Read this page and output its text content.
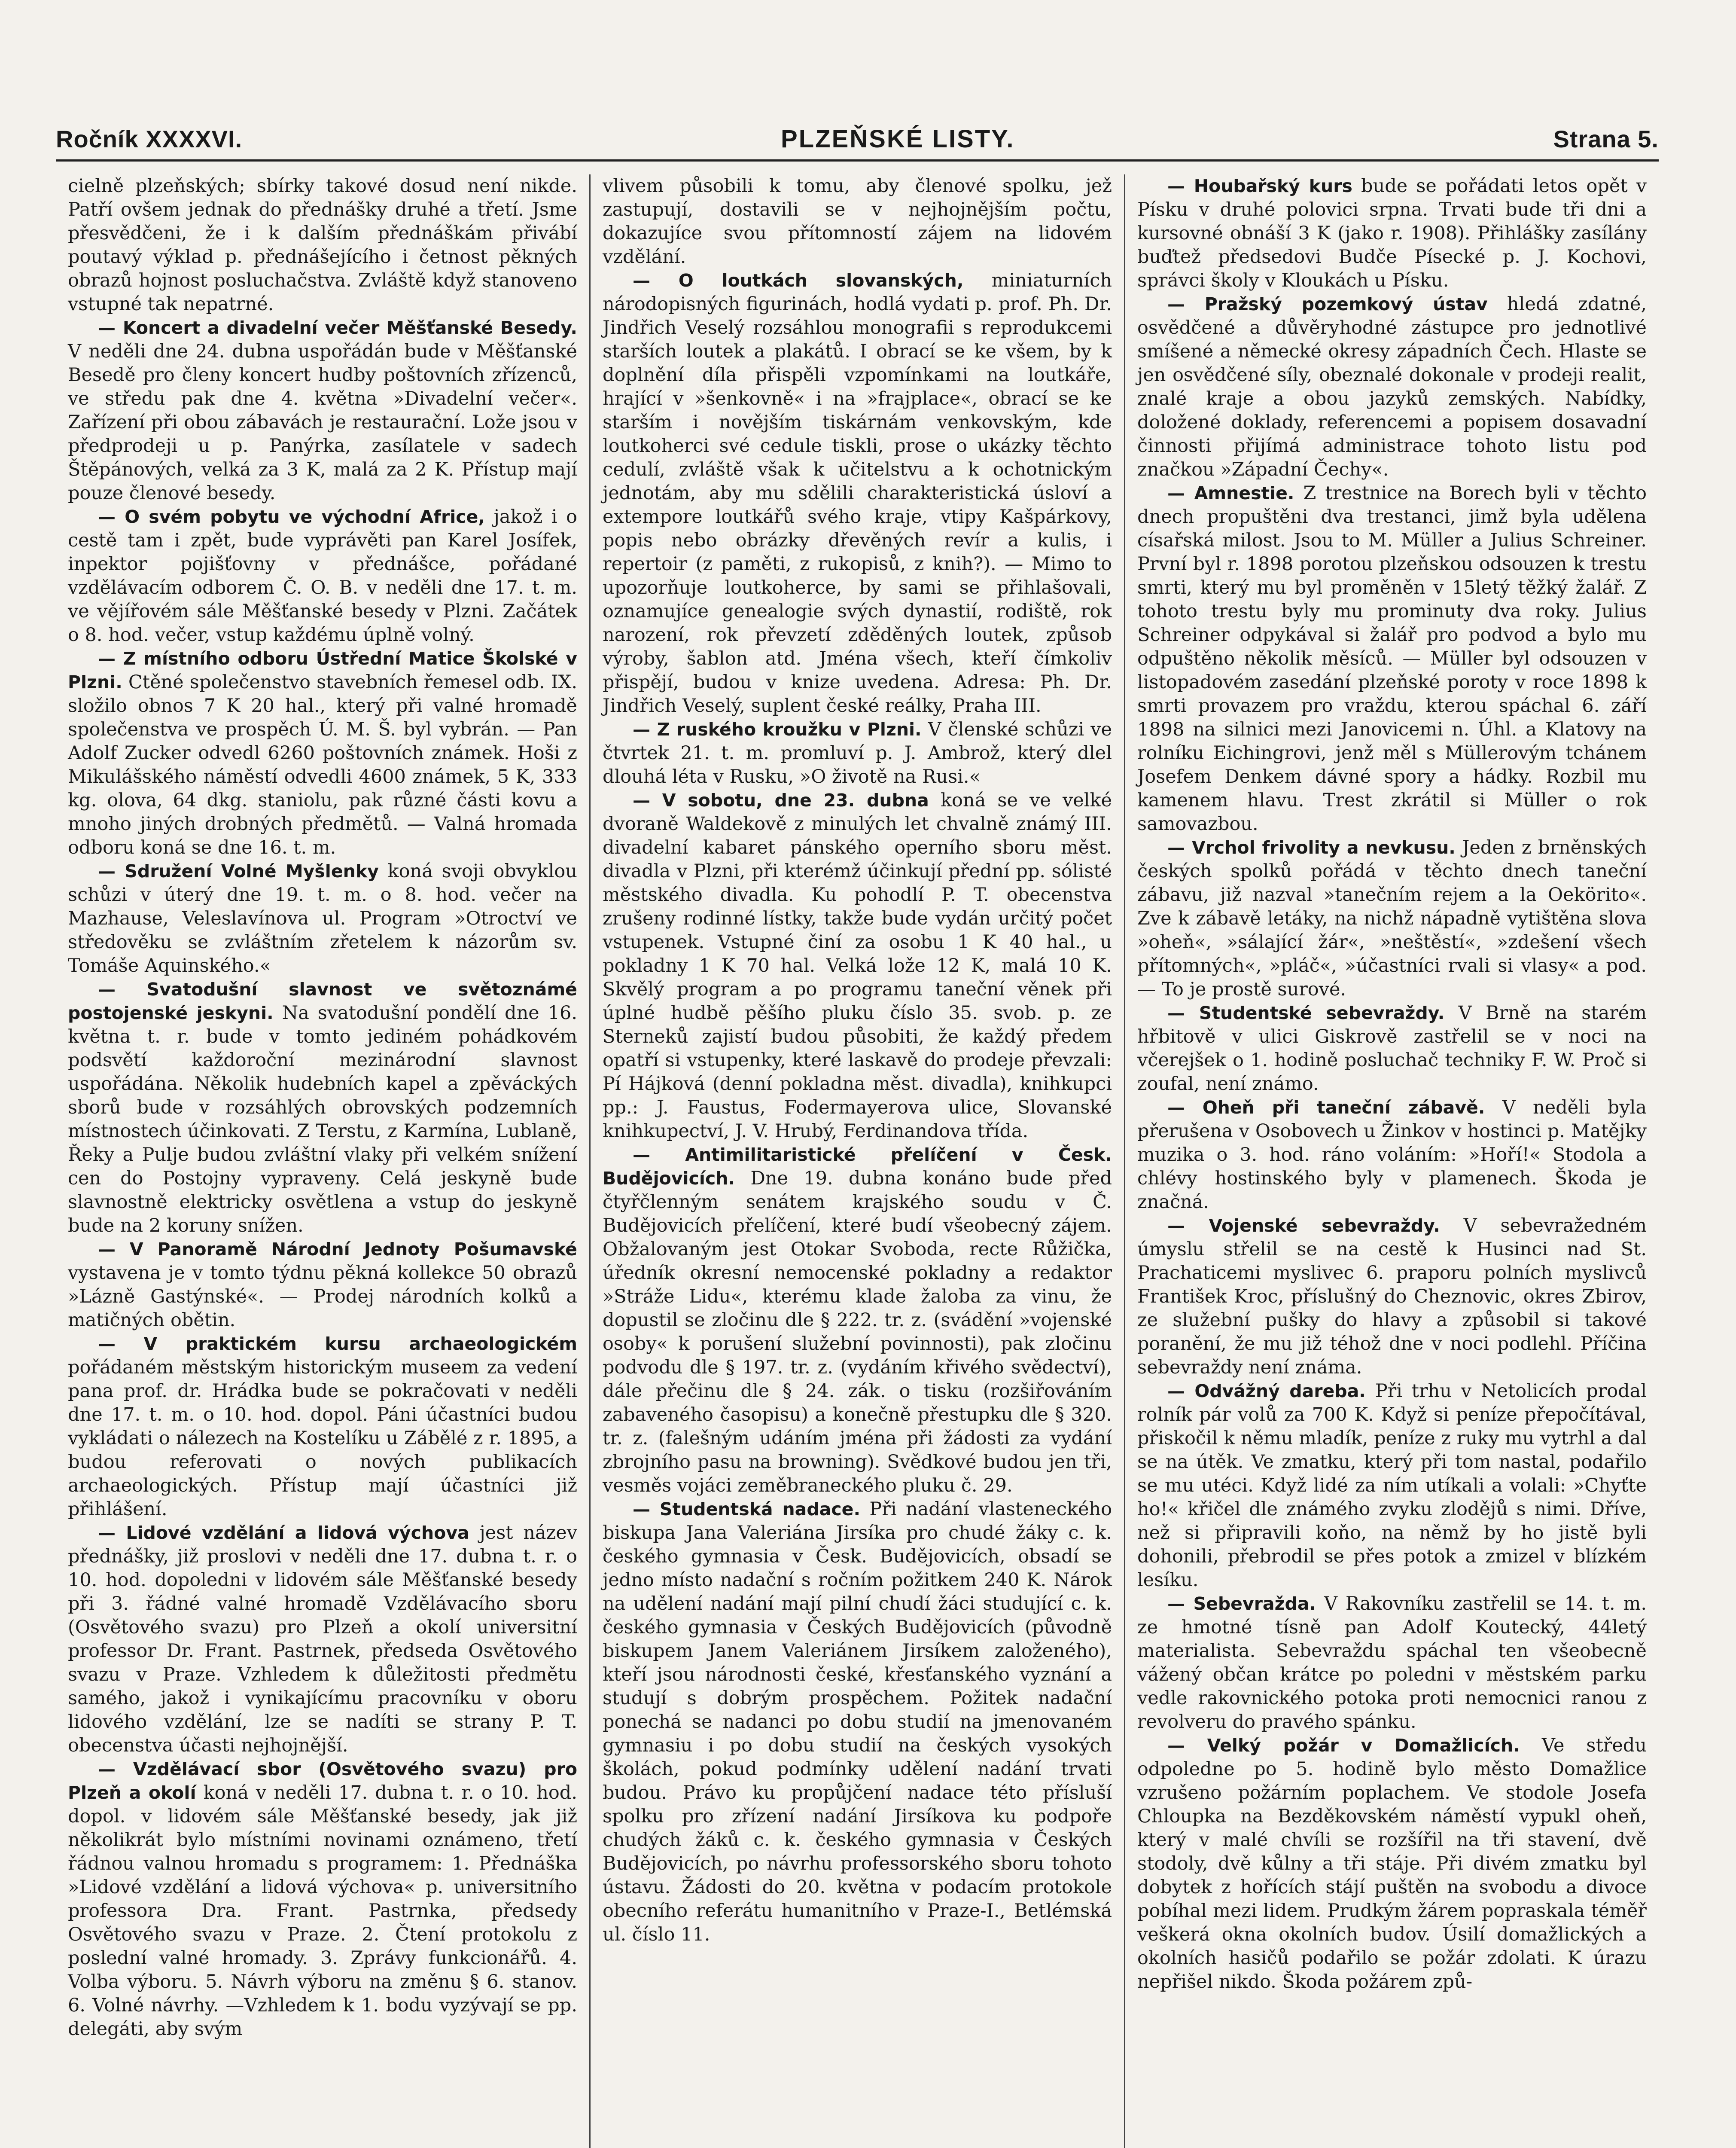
Ročník XXXXVI.	PLZEŇSKÉ LISTY.	Strana 5.

cielně plzeňských; sbírky takové dosud není nikde. Patří ovšem jednak do přednášky druhé a třetí. Jsme přesvědčeni, že i k dalším přednáškám přivábí poutavý výklad p. přednášejícího i četnost pěkných obrazů hojnost posluchačstva. Zvláště když stanoveno vstupné tak nepatrné.

— Koncert a divadelní večer Měšťanské Besedy. V neděli dne 24. dubna uspořádán bude v Měšťanské Besedě pro členy koncert hudby poštovních zřízenců, ve středu pak dne 4. května »Divadelní večer«. Zařízení při obou zábavách je restaurační. Lože jsou v předprodeji u p. Panýrka, zasílatele v sadech Štěpánových, velká za 3 K, malá za 2 K. Přístup mají pouze členové besedy.

— O svém pobytu ve východní Africe, jakož i o cestě tam i zpět, bude vyprávěti pan Karel Josífek, inpektor pojišťovny v přednášce, pořádané vzdělávacím odborem Č. O. B. v neděli dne 17. t. m. ve vějířovém sále Měšťanské besedy v Plzni. Začátek o 8. hod. večer, vstup každému úplně volný.

— Z místního odboru Ústřední Matice Školské v Plzni. Ctěné společenstvo stavebních řemesel odb. IX. složilo obnos 7 K 20 hal., který při valné hromadě společenstva ve prospěch Ú. M. Š. byl vybrán. — Pan Adolf Zucker odvedl 6260 poštovních známek. Hoši z Mikulášského náměstí odvedli 4600 známek, 5 K, 333 kg. olova, 64 dkg. staniolu, pak různé části kovu a mnoho jiných drobných předmětů. — Valná hromada odboru koná se dne 16. t. m.

— Sdružení Volné Myšlenky koná svoji obvyklou schůzi v úterý dne 19. t. m. o 8. hod. večer na Mazhause, Veleslavínova ul. Program »Otroctví ve středověku se zvláštním zřetelem k názorům sv. Tomáše Aquinského.«

— Svatodušní slavnost ve světoznámé postojenské jeskyni. Na svatodušní pondělí dne 16. května t. r. bude v tomto jediném pohádkovém podsvětí každoroční mezinárodní slavnost uspořádána. Několik hudebních kapel a zpěváckých sborů bude v rozsáhlých obrovských podzemních místnostech účinkovati. Z Terstu, z Karmína, Lublaně, Řeky a Pulje budou zvláštní vlaky při velkém snížení cen do Postojny vypraveny. Celá jeskyně bude slavnostně elektricky osvětlena a vstup do jeskyně bude na 2 koruny snížen.

— V Panoramě Národní Jednoty Pošumavské vystavena je v tomto týdnu pěkná kollekce 50 obrazů »Lázně Gastýnské«. — Prodej národních kolků a matičných obětin.

— V praktickém kursu archaeologickém pořádaném městským historickým museem za vedení pana prof. dr. Hrádka bude se pokračovati v neděli dne 17. t. m. o 10. hod. dopol. Páni účastníci budou vykládati o nálezech na Kostelíku u Zábělé z r. 1895, a budou referovati o nových publikacích archaeologických. Přístup mají účastníci již přihlášení.

— Lidové vzdělání a lidová výchova jest název přednášky, již proslovi v neděli dne 17. dubna t. r. o 10. hod. dopoledni v lidovém sále Měšťanské besedy při 3. řádné valné hromadě Vzdělávacího sboru (Osvětového svazu) pro Plzeň a okolí universitní professor Dr. Frant. Pastrnek, předseda Osvětového svazu v Praze. Vzhledem k důležitosti předmětu samého, jakož i vynikajícímu pracovníku v oboru lidového vzdělání, lze se nadíti se strany P. T. obecenstva účasti nejhojnější.

— Vzdělávací sbor (Osvětového svazu) pro Plzeň a okolí koná v neděli 17. dubna t. r. o 10. hod. dopol. v lidovém sále Měšťanské besedy, jak již několikrát bylo místními novinami oznámeno, třetí řádnou valnou hromadu s programem: 1. Přednáška »Lidové vzdělání a lidová výchova« p. universitního professora Dra. Frant. Pastrnka, předsedy Osvětového svazu v Praze. 2. Čtení protokolu z poslední valné hromady. 3. Zprávy funkcionářů. 4. Volba výboru. 5. Návrh výboru na změnu § 6. stanov. 6. Volné návrhy. —Vzhledem k 1. bodu vyzývají se pp. delegáti, aby svým

vlivem působili k tomu, aby členové spolku, jež zastupují, dostavili se v nejhojnějším počtu, dokazujíce svou přítomností zájem na lidovém vzdělání.

— O loutkách slovanských, miniaturních národopisných figurinách, hodlá vydati p. prof. Ph. Dr. Jindřich Veselý rozsáhlou monografii s reprodukcemi starších loutek a plakátů. I obrací se ke všem, by k doplnění díla přispěli vzpomínkami na loutkáře, hrající v »šenkovně« i na »frajplace«, obrací se ke starším i novějším tiskárnám venkovským, kde loutkoherci své cedule tiskli, prose o ukázky těchto cedulí, zvláště však k učitelstvu a k ochotnickým jednotám, aby mu sdělili charakteristická úsloví a extempore loutkářů svého kraje, vtipy Kašpárkovy, popis nebo obrázky dřevěných revír a kulis, i repertoir (z paměti, z rukopisů, z knih?). — Mimo to upozorňuje loutkoherce, by sami se přihlašovali, oznamujíce genealogie svých dynastií, rodiště, rok narození, rok převzetí zděděných loutek, způsob výroby, šablon atd. Jména všech, kteří čímkoliv přispějí, budou v knize uvedena. Adresa: Ph. Dr. Jindřich Veselý, suplent české reálky, Praha III.

— Z ruského kroužku v Plzni. V členské schůzi ve čtvrtek 21. t. m. promluví p. J. Ambrož, který dlel dlouhá léta v Rusku, »O životě na Rusi.«

— V sobotu, dne 23. dubna koná se ve velké dvoraně Waldekově z minulých let chvalně známý III. divadelní kabaret pánského operního sboru měst. divadla v Plzni, při kterémž účinkují přední pp. sólisté městského divadla. Ku pohodlí P. T. obecenstva zrušeny rodinné lístky, takže bude vydán určitý počet vstupenek. Vstupné činí za osobu 1 K 40 hal., u pokladny 1 K 70 hal. Velká lože 12 K, malá 10 K. Skvělý program a po programu taneční věnek při úplné hudbě pěšího pluku číslo 35. svob. p. ze Sterneků zajistí budou působiti, že každý předem opatří si vstupenky, které laskavě do prodeje převzali: Pí Hájková (denní pokladna měst. divadla), knihkupci pp.: J. Faustus, Fodermayerova ulice, Slovanské knihkupectví, J. V. Hrubý, Ferdinandova třída.

— Antimilitaristické přelíčení v Česk. Budějovicích. Dne 19. dubna konáno bude před čtyřčlenným senátem krajského soudu v Č. Budějovicích přelíčení, které budí všeobecný zájem. Obžalovaným jest Otokar Svoboda, recte Růžička, úředník okresní nemocenské pokladny a redaktor »Stráže Lidu«, kterému klade žaloba za vinu, že dopustil se zločinu dle § 222. tr. z. (svádění »vojenské osoby« k porušení služební povinnosti), pak zločinu podvodu dle § 197. tr. z. (vydáním křivého svědectví), dále přečinu dle § 24. zák. o tisku (rozšiřováním zabaveného časopisu) a konečně přestupku dle § 320. tr. z. (falešným udáním jména při žádosti za vydání zbrojního pasu na browning). Svědkové budou jen tři, vesměs vojáci zeměbraneckého pluku č. 29.

— Studentská nadace. Při nadání vlasteneckého biskupa Jana Valeriána Jirsíka pro chudé žáky c. k. českého gymnasia v Česk. Budějovicích, obsadí se jedno místo nadační s ročním požitkem 240 K. Nárok na udělení nadání mají pilní chudí žáci studující c. k. českého gymnasia v Českých Budějovicích (původně biskupem Janem Valeriánem Jirsíkem založeného), kteří jsou národnosti české, křesťanského vyznání a studují s dobrým prospěchem. Požitek nadační ponechá se nadanci po dobu studií na jmenovaném gymnasiu i po dobu studií na českých vysokých školách, pokud podmínky udělení nadání trvati budou. Právo ku propůjčení nadace této přísluší spolku pro zřízení nadání Jirsíkova ku podpoře chudých žáků c. k. českého gymnasia v Českých Budějovicích, po návrhu professorského sboru tohoto ústavu. Žádosti do 20. května v podacím protokole obecního referátu humanitního v Praze-I., Betlémská ul. číslo 11.

— Houbařský kurs bude se pořádati letos opět v Písku v druhé polovici srpna. Trvati bude tři dni a kursovné obnáší 3 K (jako r. 1908). Přihlášky zasílány buďtež předsedovi Budče Písecké p. J. Kochovi, správci školy v Kloukách u Písku.

— Pražský pozemkový ústav hledá zdatné, osvědčené a důvěryhodné zástupce pro jednotlivé smíšené a německé okresy západních Čech. Hlaste se jen osvědčené síly, obeznalé dokonale v prodeji realit, znalé kraje a obou jazyků zemských. Nabídky, doložené doklady, referencemi a popisem dosavadní činnosti přijímá administrace tohoto listu pod značkou »Západní Čechy«.

— Amnestie. Z trestnice na Borech byli v těchto dnech propuštěni dva trestanci, jimž byla udělena císařská milost. Jsou to M. Müller a Julius Schreiner. První byl r. 1898 porotou plzeňskou odsouzen k trestu smrti, který mu byl proměněn v 15letý těžký žalář. Z tohoto trestu byly mu prominuty dva roky. Julius Schreiner odpykával si žalář pro podvod a bylo mu odpuštěno několik měsíců. — Müller byl odsouzen v listopadovém zasedání plzeňské poroty v roce 1898 k smrti provazem pro vraždu, kterou spáchal 6. září 1898 na silnici mezi Janovicemi n. Úhl. a Klatovy na rolníku Eichingrovi, jenž měl s Müllerovým tchánem Josefem Denkem dávné spory a hádky. Rozbil mu kamenem hlavu. Trest zkrátil si Müller o rok samovazbou.

— Vrchol frivolity a nevkusu. Jeden z brněnských českých spolků pořádá v těchto dnech taneční zábavu, již nazval »tanečním rejem a la Oekörito«. Zve k zábavě letáky, na nichž nápadně vytištěna slova »oheň«, »sálající žár«, »neštěstí«, »zdešení všech přítomných«, »pláč«, »účastníci rvali si vlasy« a pod. — To je prostě surové.

— Studentské sebevraždy. V Brně na starém hřbitově v ulici Giskrově zastřelil se v noci na včerejšek o 1. hodině posluchač techniky F. W. Proč si zoufal, není známo.

— Oheň při taneční zábavě. V neděli byla přerušena v Osobovech u Žinkov v hostinci p. Matějky muzika o 3. hod. ráno voláním: »Hoří!« Stodola a chlévy hostinského byly v plamenech. Škoda je značná.

— Vojenské sebevraždy. V sebevražedném úmyslu střelil se na cestě k Husinci nad St. Prachaticemi myslivec 6. praporu polních myslivců František Kroc, příslušný do Cheznovic, okres Zbirov, ze služební pušky do hlavy a způsobil si takové poranění, že mu již téhož dne v noci podlehl. Příčina sebevraždy není známa.

— Odvážný dareba. Při trhu v Netolicích prodal rolník pár volů za 700 K. Když si peníze přepočítával, přiskočil k němu mladík, peníze z ruky mu vytrhl a dal se na útěk. Ve zmatku, který při tom nastal, podařilo se mu utéci. Když lidé za ním utíkali a volali: »Chyťte ho!« křičel dle známého zvyku zlodějů s nimi. Dříve, než si připravili koňo, na němž by ho jistě byli dohonili, přebrodil se přes potok a zmizel v blízkém lesíku.

— Sebevražda. V Rakovníku zastřelil se 14. t. m. ze hmotné tísně pan Adolf Koutecký, 44letý materialista. Sebevraždu spáchal ten všeobecně vážený občan krátce po poledni v městském parku vedle rakovnického potoka proti nemocnici ranou z revolveru do pravého spánku.

— Velký požár v Domažlicích. Ve středu odpoledne po 5. hodině bylo město Domažlice vzrušeno požárním poplachem. Ve stodole Josefa Chloupka na Bezděkovském náměstí vypukl oheň, který v malé chvíli se rozšířil na tři stavení, dvě stodoly, dvě kůlny a tři stáje. Při divém zmatku byl dobytek z hořících stájí puštěn na svobodu a divoce pobíhal mezi lidem. Prudkým žárem popraskala téměř veškerá okna okolních budov. Úsilí domažlických a okolních hasičů podařilo se požár zdolati. K úrazu nepřišel nikdo. Škoda požárem způ-
